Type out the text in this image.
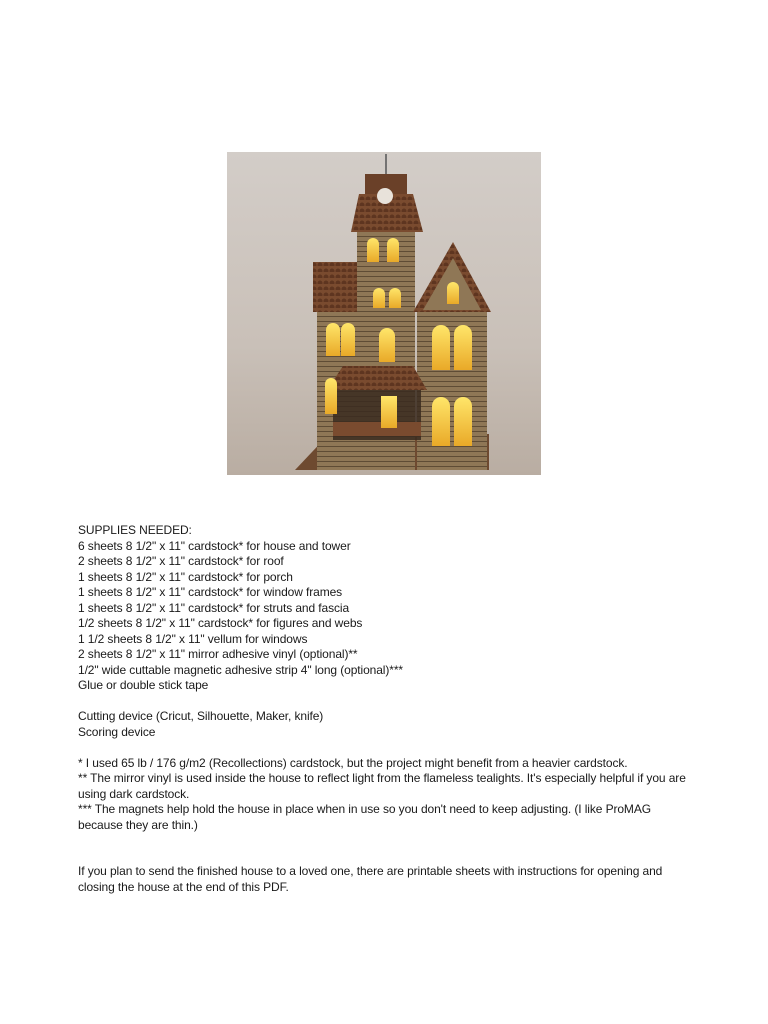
SUPPLIES NEEDED:
6 sheets 8 1/2" x 11" cardstock* for house and tower
2 sheets 8 1/2" x 11" cardstock* for roof
1 sheets 8 1/2" x 11" cardstock* for porch
1 sheets 8 1/2" x 11" cardstock* for window frames
1 sheets 8 1/2" x 11" cardstock* for struts and fascia
1/2 sheets 8 1/2" x 11" cardstock* for figures and webs
1 1/2 sheets 8 1/2" x 11" vellum for windows
2 sheets 8 1/2" x 11" mirror adhesive vinyl (optional)**
1/2" wide cuttable magnetic adhesive strip 4" long (optional)***
Glue or double stick tape
Cutting device (Cricut, Silhouette, Maker, knife)
Scoring device
* I used 65 lb / 176 g/m2 (Recollections) cardstock, but the project might benefit from a heavier cardstock.
** The mirror vinyl is used inside the house to reflect light from the flameless tealights. It's especially helpful if you are using dark cardstock.
*** The magnets help hold the house in place when in use so you don't need to keep adjusting. (I like ProMAG because they are thin.)
If you plan to send the finished house to a loved one, there are printable sheets with instructions for opening and closing the house at the end of this PDF.
